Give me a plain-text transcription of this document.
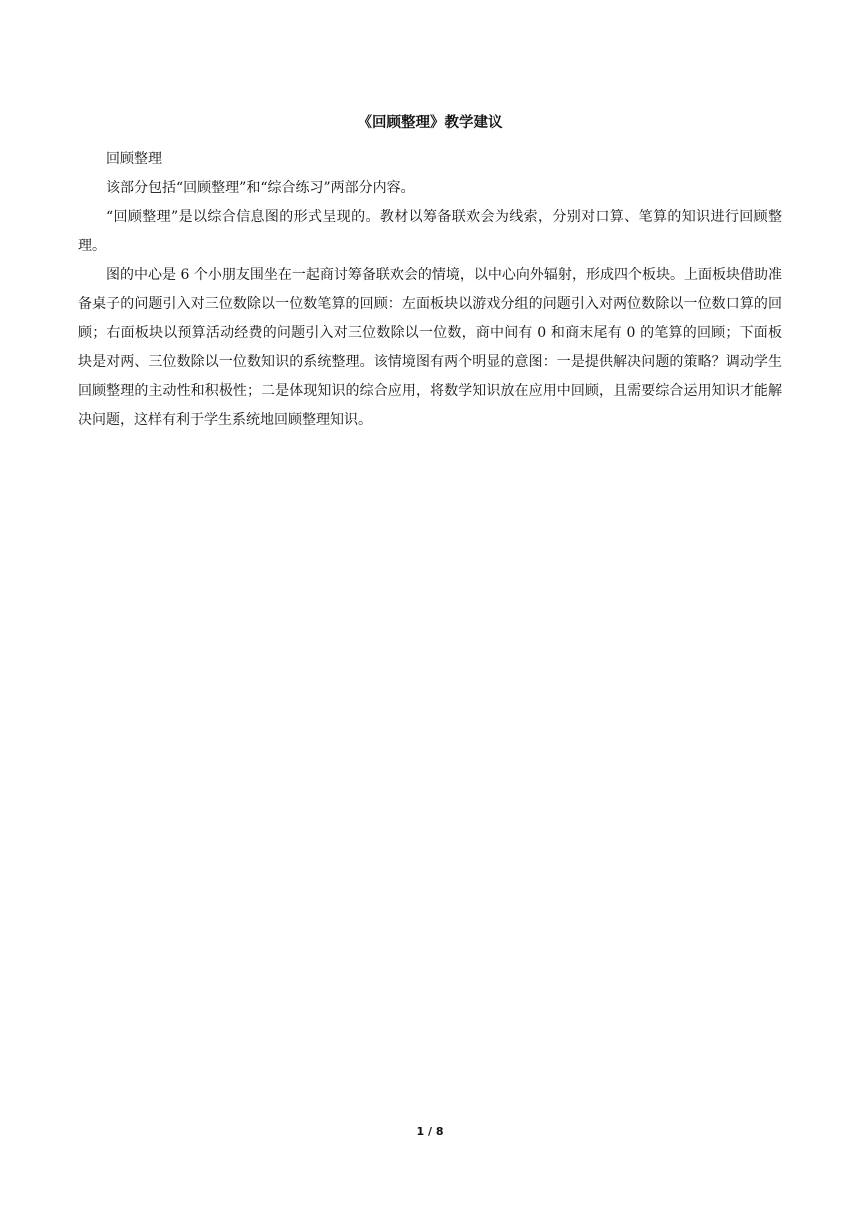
《回顾整理》教学建议

回顾整理

该部分包括“回顾整理”和“综合练习”两部分内容。

“回顾整理”是以综合信息图的形式呈现的。教材以筹备联欢会为线索，分别对口算、笔算的知识进行回顾整理。

图的中心是 6 个小朋友围坐在一起商讨筹备联欢会的情境，以中心向外辐射，形成四个板块。上面板块借助准备桌子的问题引入对三位数除以一位数笔算的回顾：左面板块以游戏分组的问题引入对两位数除以一位数口算的回顾；右面板块以预算活动经费的问题引入对三位数除以一位数，商中间有 0 和商末尾有 0 的笔算的回顾；下面板块是对两、三位数除以一位数知识的系统整理。该情境图有两个明显的意图：一是提供解决问题的策略？调动学生回顾整理的主动性和积极性；二是体现知识的综合应用，将数学知识放在应用中回顾，且需要综合运用知识才能解决问题，这样有利于学生系统地回顾整理知识。

1 / 8
